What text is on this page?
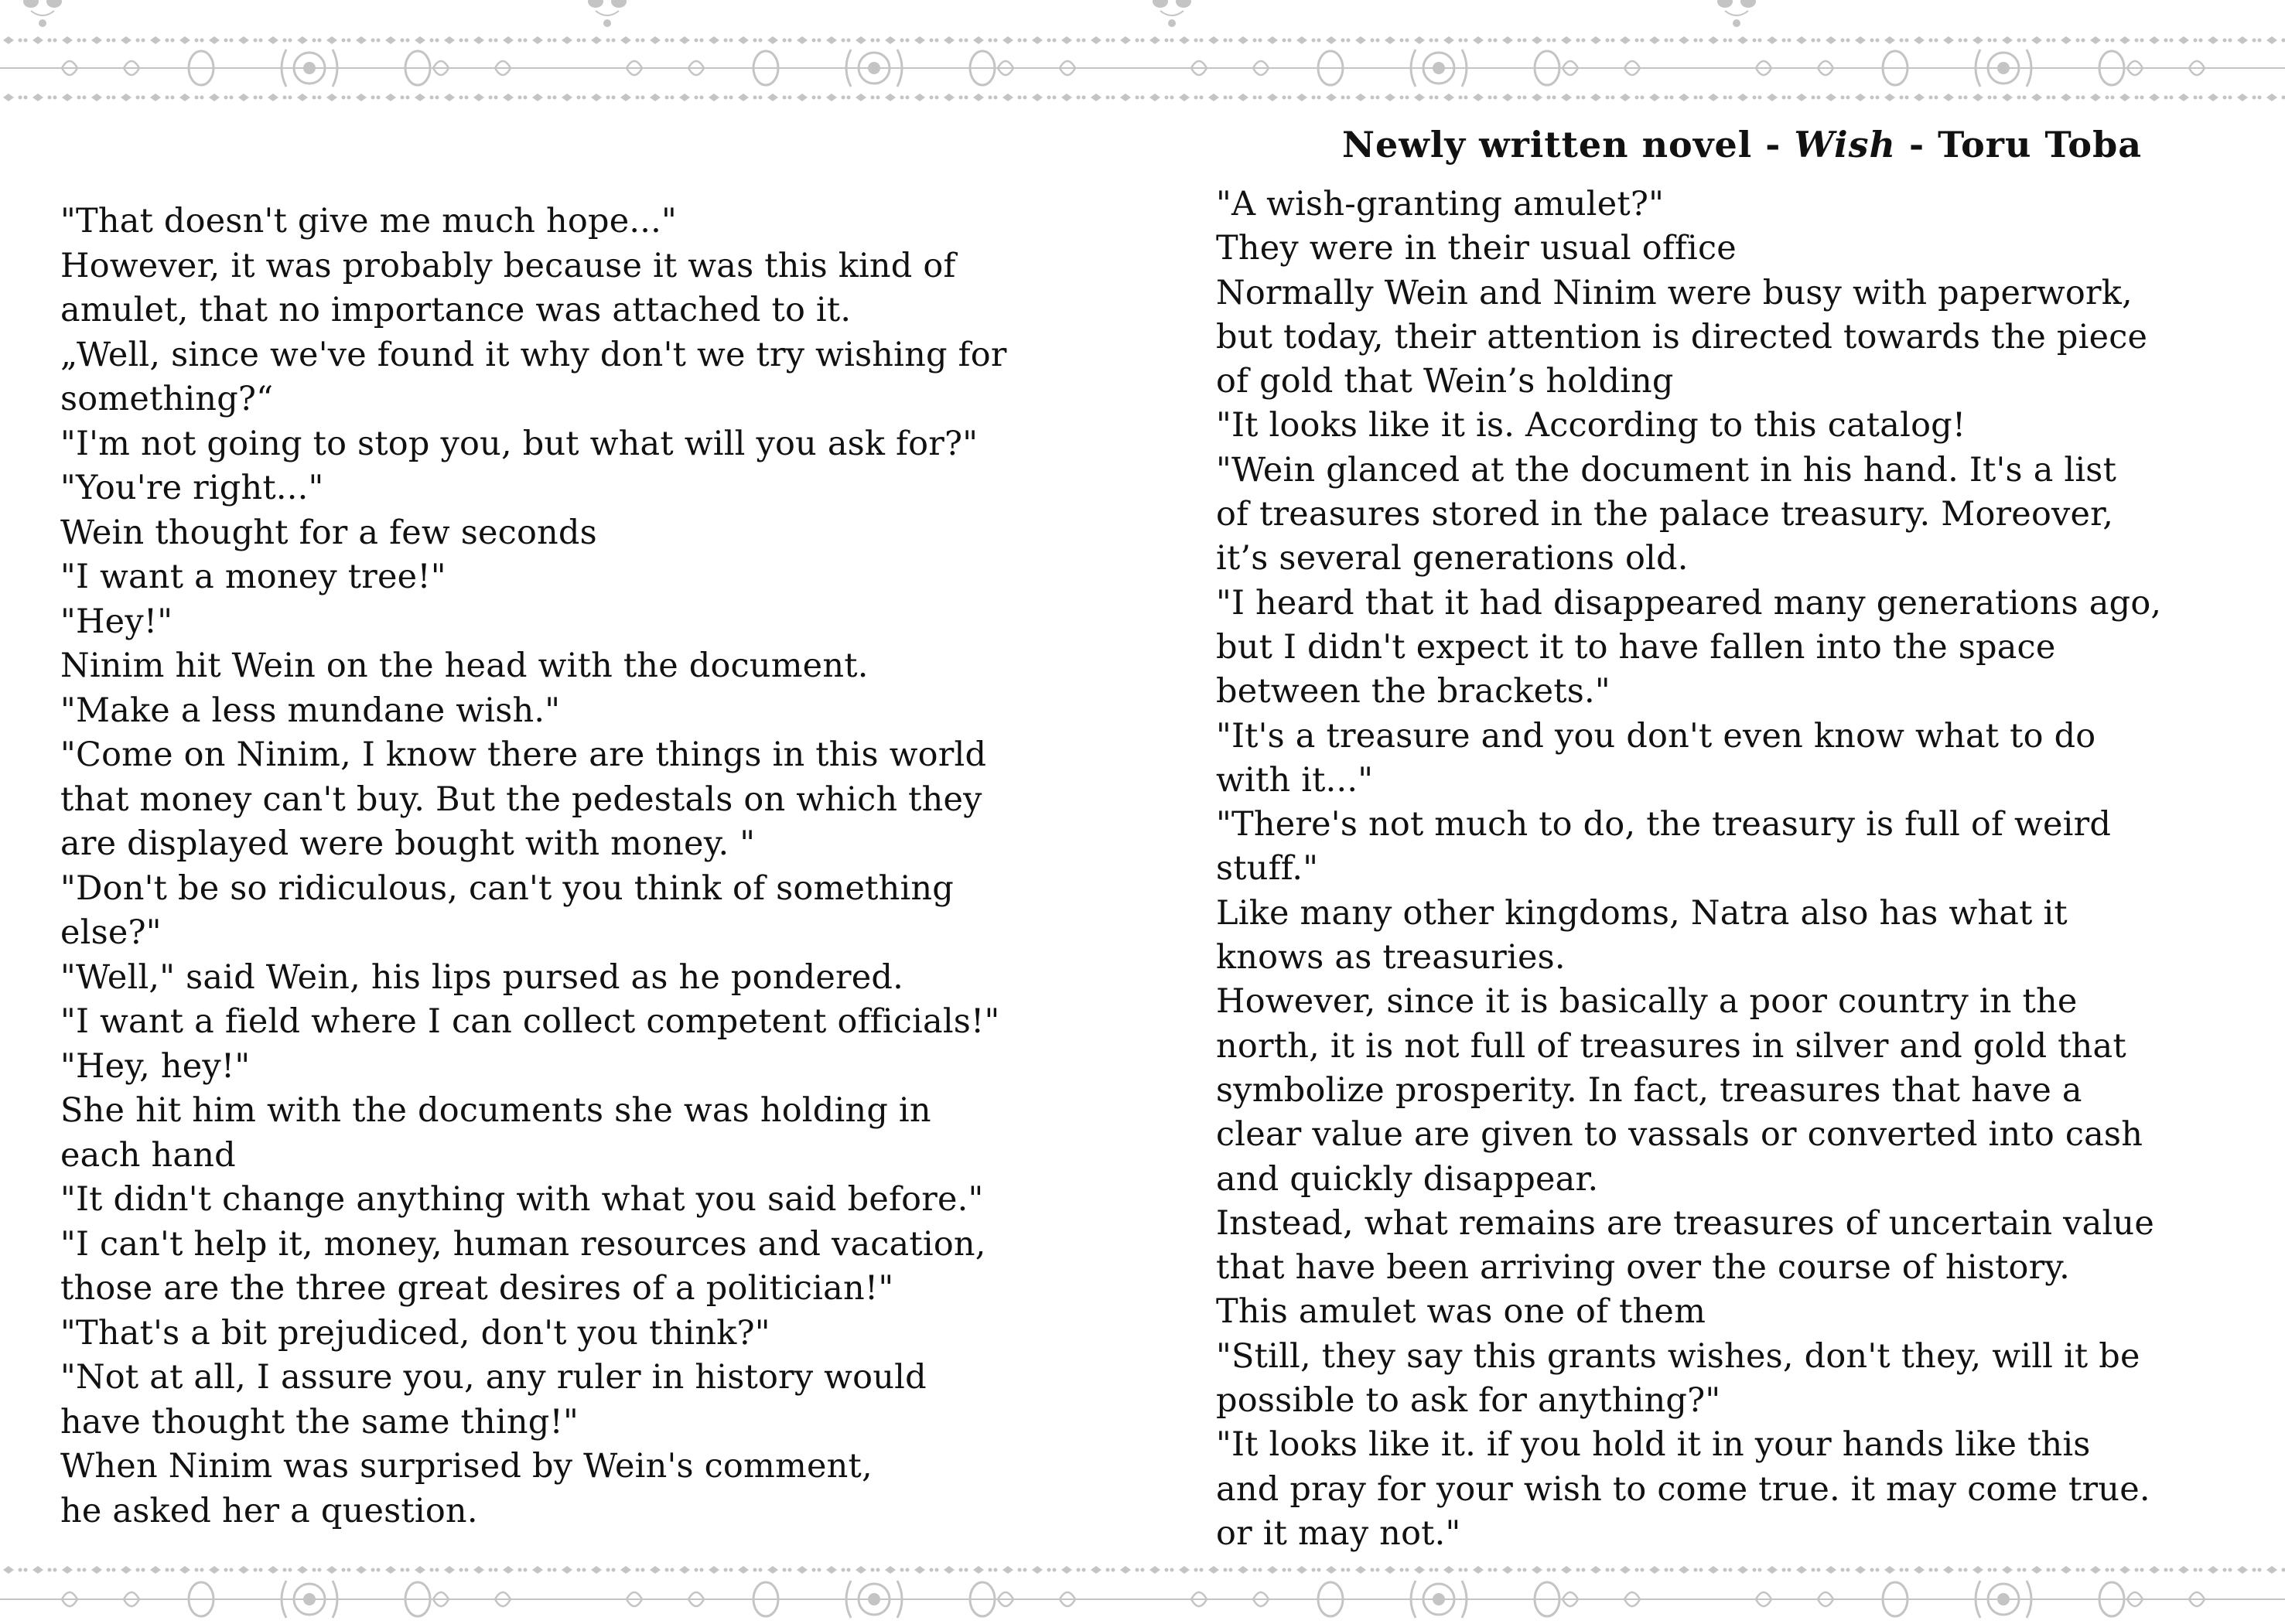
Newly written novel - Wish - Toru Toba
"That doesn't give me much hope..."
However, it was probably because it was this kind of
amulet, that no importance was attached to it.
„Well, since we've found it why don't we try wishing for
something?“
"I'm not going to stop you, but what will you ask for?"
"You're right..."
Wein thought for a few seconds
"I want a money tree!"
"Hey!"
Ninim hit Wein on the head with the document.
"Make a less mundane wish."
"Come on Ninim, I know there are things in this world
that money can't buy. But the pedestals on which they
are displayed were bought with money. "
"Don't be so ridiculous, can't you think of something
else?"
"Well," said Wein, his lips pursed as he pondered.
"I want a field where I can collect competent officials!"
"Hey, hey!"
She hit him with the documents she was holding in
each hand
"It didn't change anything with what you said before."
"I can't help it, money, human resources and vacation,
those are the three great desires of a politician!"
"That's a bit prejudiced, don't you think?"
"Not at all, I assure you, any ruler in history would
have thought the same thing!"
When Ninim was surprised by Wein's comment,
he asked her a question.
"A wish-granting amulet?"
They were in their usual office
Normally Wein and Ninim were busy with paperwork,
but today, their attention is directed towards the piece
of gold that Wein’s holding
"It looks like it is. According to this catalog!
"Wein glanced at the document in his hand. It's a list
of treasures stored in the palace treasury. Moreover,
it’s several generations old.
"I heard that it had disappeared many generations ago,
but I didn't expect it to have fallen into the space
between the brackets."
"It's a treasure and you don't even know what to do
with it..."
"There's not much to do, the treasury is full of weird
stuff."
Like many other kingdoms, Natra also has what it
knows as treasuries.
However, since it is basically a poor country in the
north, it is not full of treasures in silver and gold that
symbolize prosperity. In fact, treasures that have a
clear value are given to vassals or converted into cash
and quickly disappear.
Instead, what remains are treasures of uncertain value
that have been arriving over the course of history.
This amulet was one of them
"Still, they say this grants wishes, don't they, will it be
possible to ask for anything?"
"It looks like it. if you hold it in your hands like this
and pray for your wish to come true. it may come true.
or it may not."
